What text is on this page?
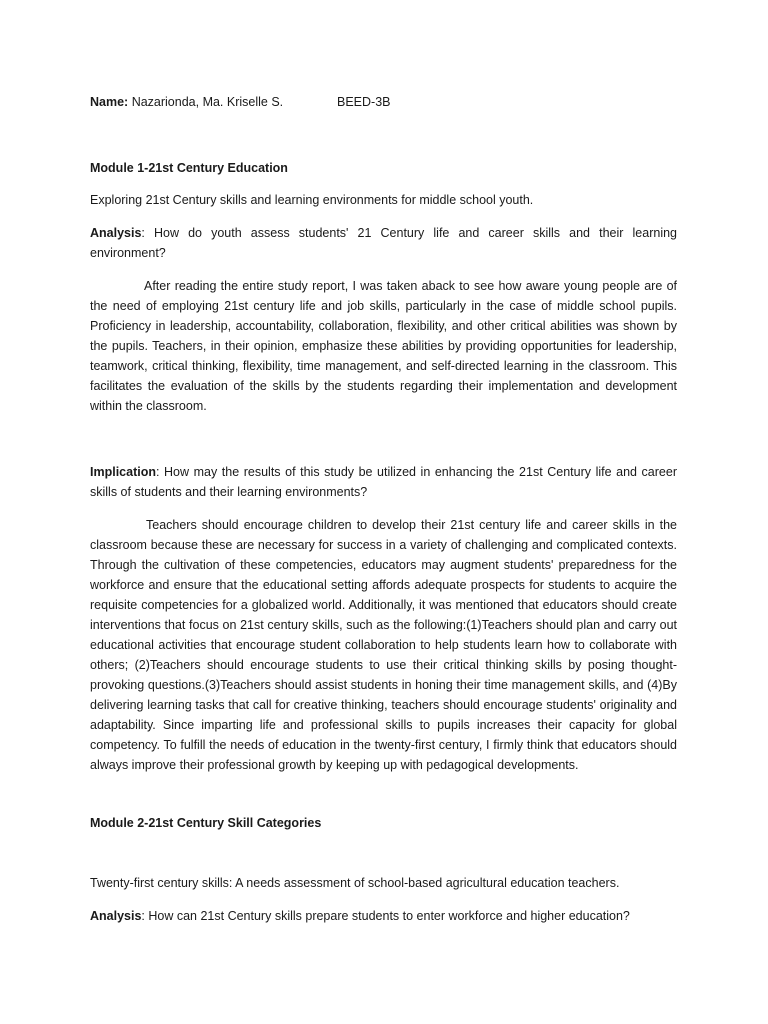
Name: Nazarionda, Ma. Kriselle S.	BEED-3B
Module 1-21st Century Education

Exploring 21st Century skills and learning environments for middle school youth.

Analysis: How do youth assess students' 21 Century life and career skills and their learning environment?

After reading the entire study report, I was taken aback to see how aware young people are of the need of employing 21st century life and job skills, particularly in the case of middle school pupils. Proficiency in leadership, accountability, collaboration, flexibility, and other critical abilities was shown by the pupils. Teachers, in their opinion, emphasize these abilities by providing opportunities for leadership, teamwork, critical thinking, flexibility, time management, and self-directed learning in the classroom. This facilitates the evaluation of the skills by the students regarding their implementation and development within the classroom.

Implication: How may the results of this study be utilized in enhancing the 21st Century life and career skills of students and their learning environments?

Teachers should encourage children to develop their 21st century life and career skills in the classroom because these are necessary for success in a variety of challenging and complicated contexts. Through the cultivation of these competencies, educators may augment students' preparedness for the workforce and ensure that the educational setting affords adequate prospects for students to acquire the requisite competencies for a globalized world. Additionally, it was mentioned that educators should create interventions that focus on 21st century skills, such as the following:(1)Teachers should plan and carry out educational activities that encourage student collaboration to help students learn how to collaborate with others; (2)Teachers should encourage students to use their critical thinking skills by posing thought-provoking questions.(3)Teachers should assist students in honing their time management skills, and (4)By delivering learning tasks that call for creative thinking, teachers should encourage students' originality and adaptability. Since imparting life and professional skills to pupils increases their capacity for global competency. To fulfill the needs of education in the twenty-first century, I firmly think that educators should always improve their professional growth by keeping up with pedagogical developments.

Module 2-21st Century Skill Categories

Twenty-first century skills: A needs assessment of school-based agricultural education teachers.

Analysis: How can 21st Century skills prepare students to enter workforce and higher education?
